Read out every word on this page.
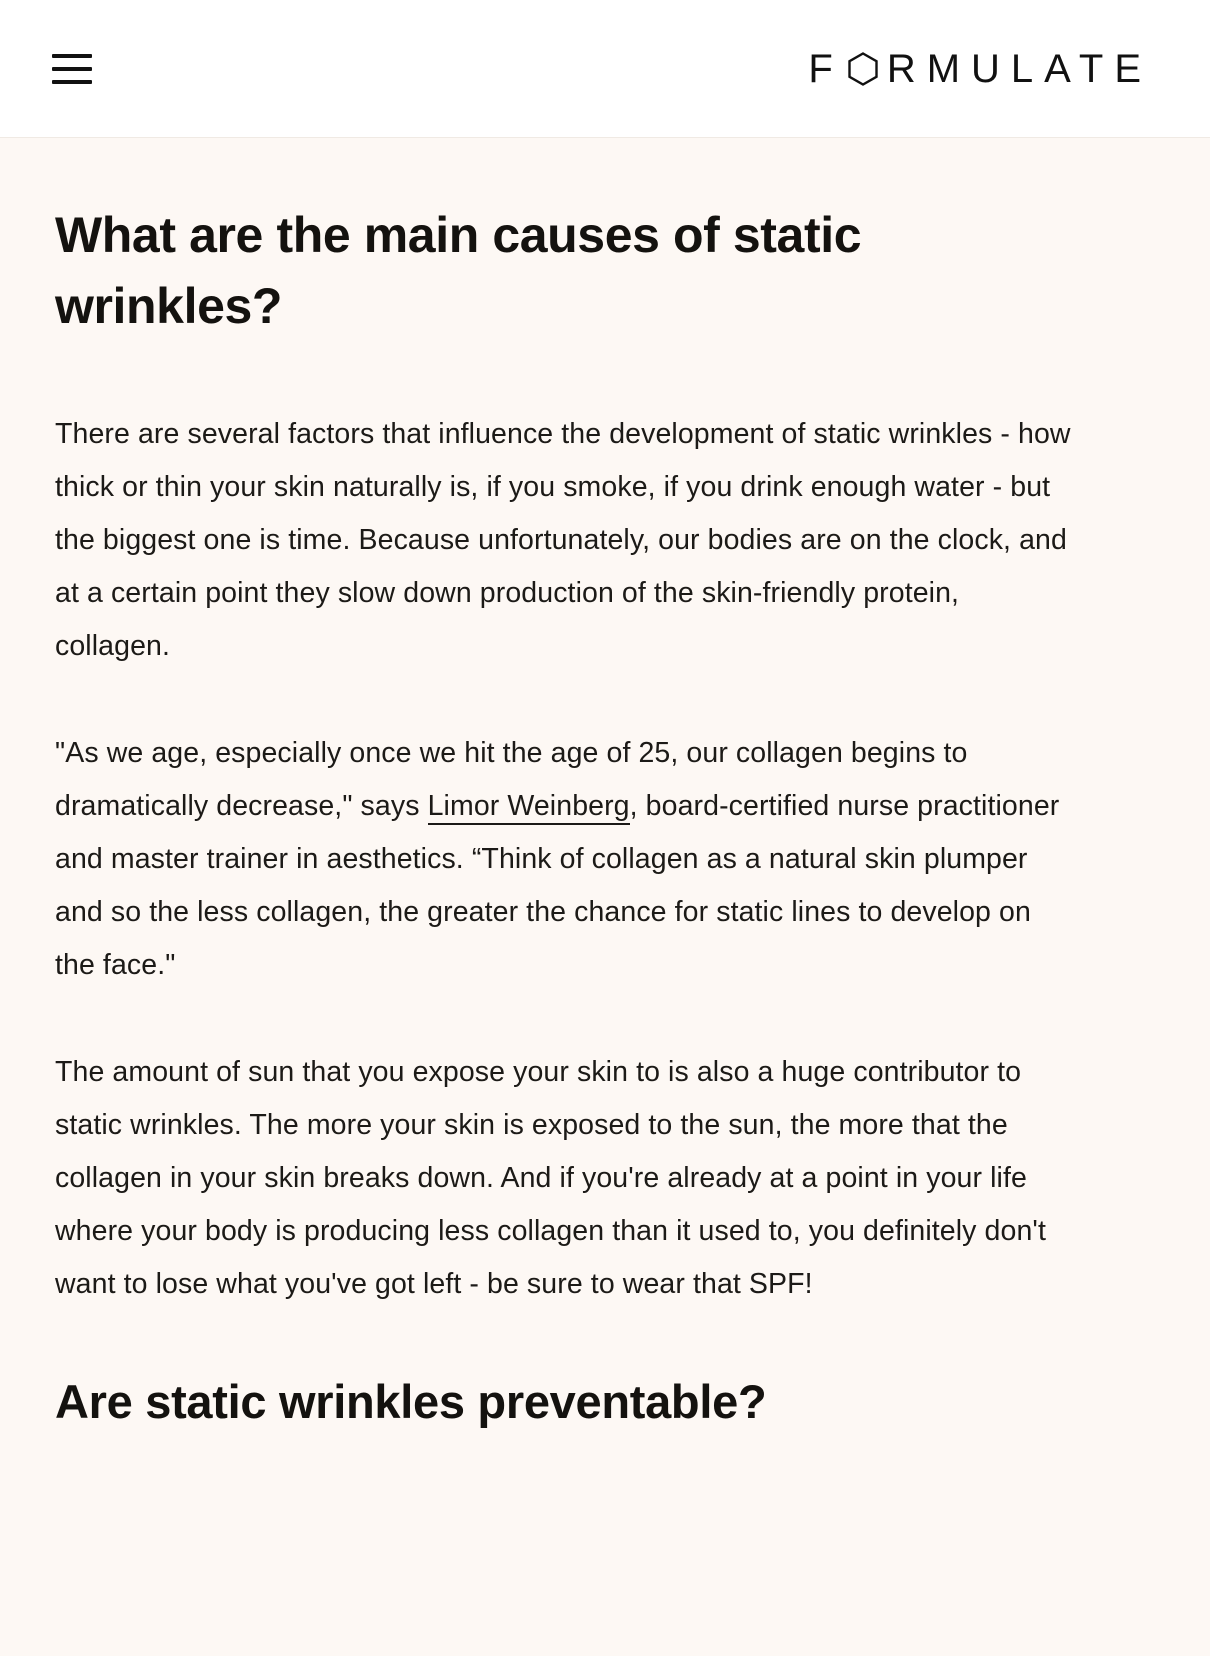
F RMULATE
What are the main causes of static wrinkles?

There are several factors that influence the development of static wrinkles - how thick or thin your skin naturally is, if you smoke, if you drink enough water - but the biggest one is time. Because unfortunately, our bodies are on the clock, and at a certain point they slow down production of the skin-friendly protein, collagen.

"As we age, especially once we hit the age of 25, our collagen begins to dramatically decrease," says Limor Weinberg, board-certified nurse practitioner and master trainer in aesthetics. “Think of collagen as a natural skin plumper and so the less collagen, the greater the chance for static lines to develop on the face."

The amount of sun that you expose your skin to is also a huge contributor to static wrinkles. The more your skin is exposed to the sun, the more that the collagen in your skin breaks down. And if you're already at a point in your life where your body is producing less collagen than it used to, you definitely don't want to lose what you've got left - be sure to wear that SPF!

Are static wrinkles preventable?
